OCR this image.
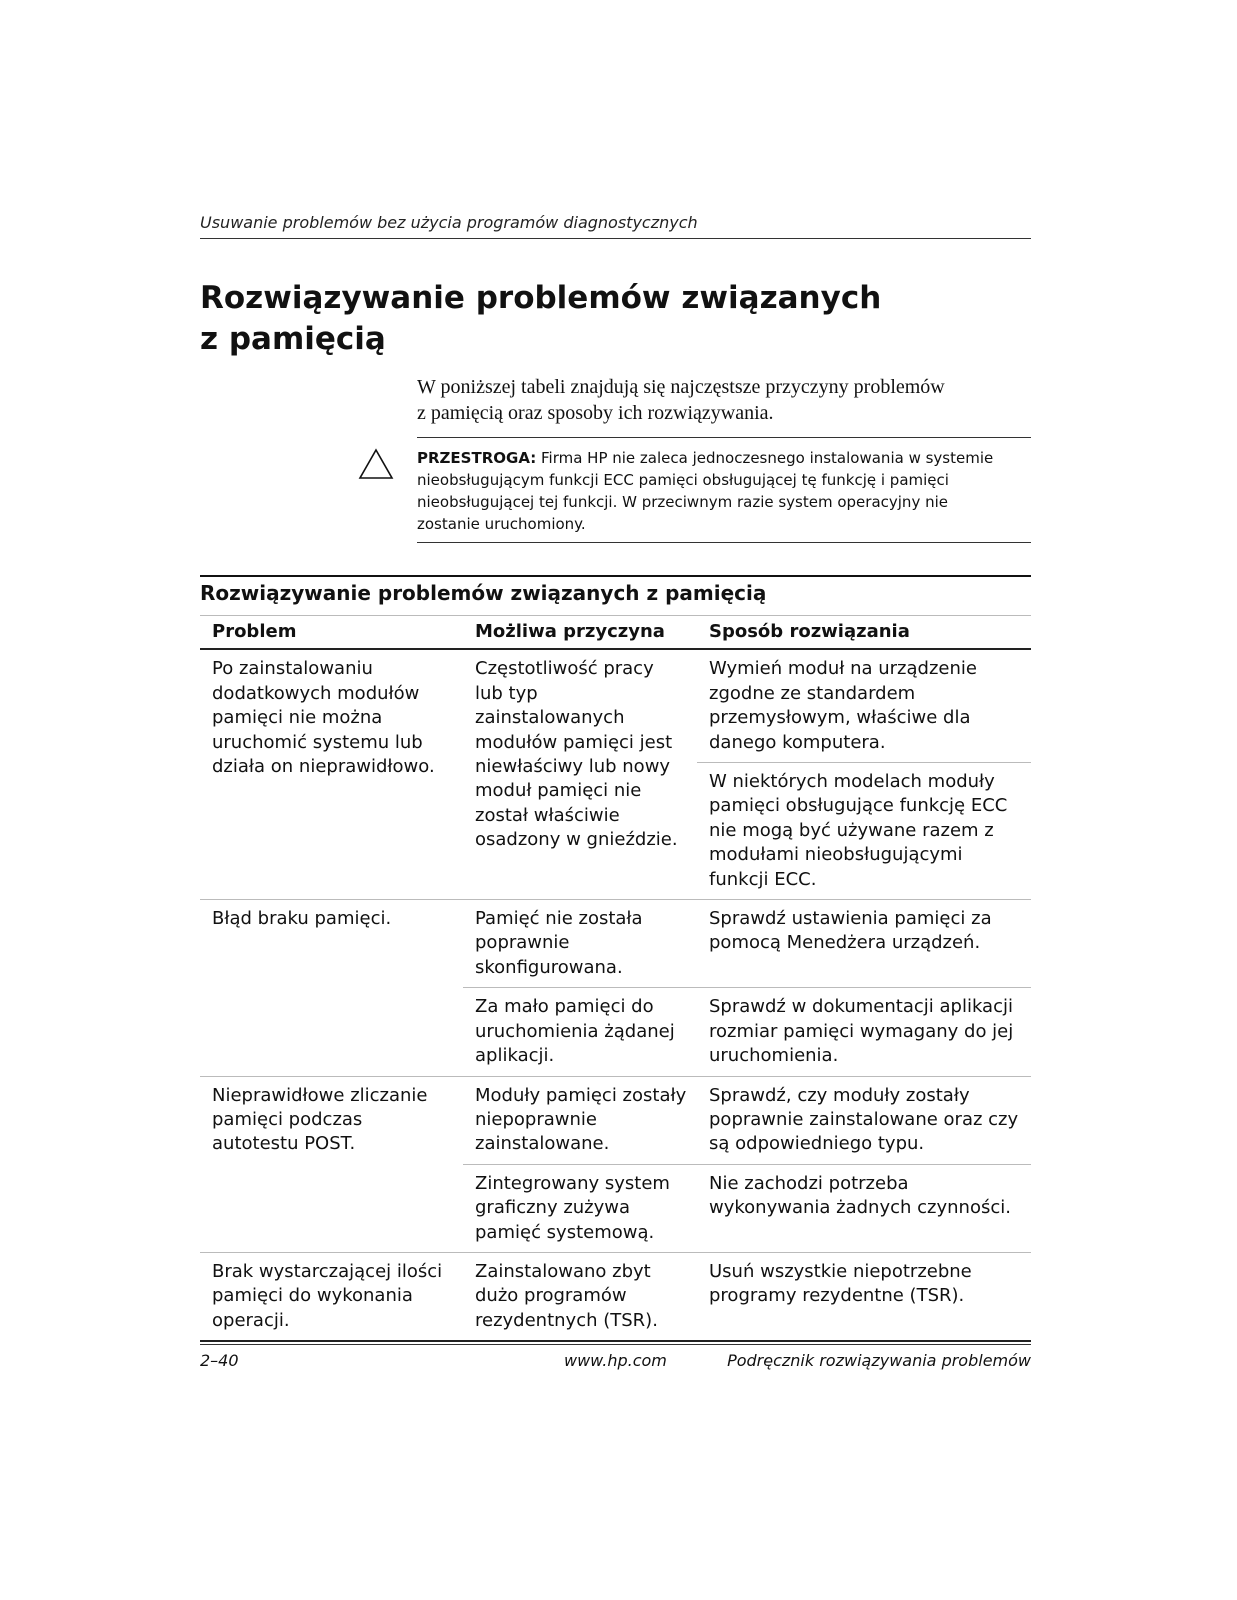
Usuwanie problemów bez użycia programów diagnostycznych
Rozwiązywanie problemów związanych
z pamięcią

W poniższej tabeli znajdują się najczęstsze przyczyny problemów
z pamięcią oraz sposoby ich rozwiązywania.

PRZESTROGA: Firma HP nie zaleca jednoczesnego instalowania w systemie
nieobsługującym funkcji ECC pamięci obsługującej tę funkcję i pamięci
nieobsługującej tej funkcji. W przeciwnym razie system operacyjny nie
zostanie uruchomiony.
Rozwiązywanie problemów związanych z pamięcią
Problem	Możliwa przyczyna	Sposób rozwiązania
Po zainstalowaniu dodatkowych modułów pamięci nie można uruchomić systemu lub działa on nieprawidłowo.	Częstotliwość pracy lub typ zainstalowanych modułów pamięci jest niewłaściwy lub nowy moduł pamięci nie został właściwie osadzony w gnieździe.	Wymień moduł na urządzenie zgodne ze standardem przemysłowym, właściwe dla danego komputera.
		W niektórych modelach moduły pamięci obsługujące funkcję ECC nie mogą być używane razem z modułami nieobsługującymi funkcji ECC.
Błąd braku pamięci.	Pamięć nie została poprawnie skonfigurowana.	Sprawdź ustawienia pamięci za pomocą Menedżera urządzeń.
	Za mało pamięci do uruchomienia żądanej aplikacji.	Sprawdź w dokumentacji aplikacji rozmiar pamięci wymagany do jej uruchomienia.
Nieprawidłowe zliczanie pamięci podczas autotestu POST.	Moduły pamięci zostały niepoprawnie zainstalowane.	Sprawdź, czy moduły zostały poprawnie zainstalowane oraz czy są odpowiedniego typu.
	Zintegrowany system graficzny zużywa pamięć systemową.	Nie zachodzi potrzeba wykonywania żadnych czynności.
Brak wystarczającej ilości pamięci do wykonania operacji.	Zainstalowano zbyt dużo programów rezydentnych (TSR).	Usuń wszystkie niepotrzebne programy rezydentne (TSR).
2–40	www.hp.com	Podręcznik rozwiązywania problemów
